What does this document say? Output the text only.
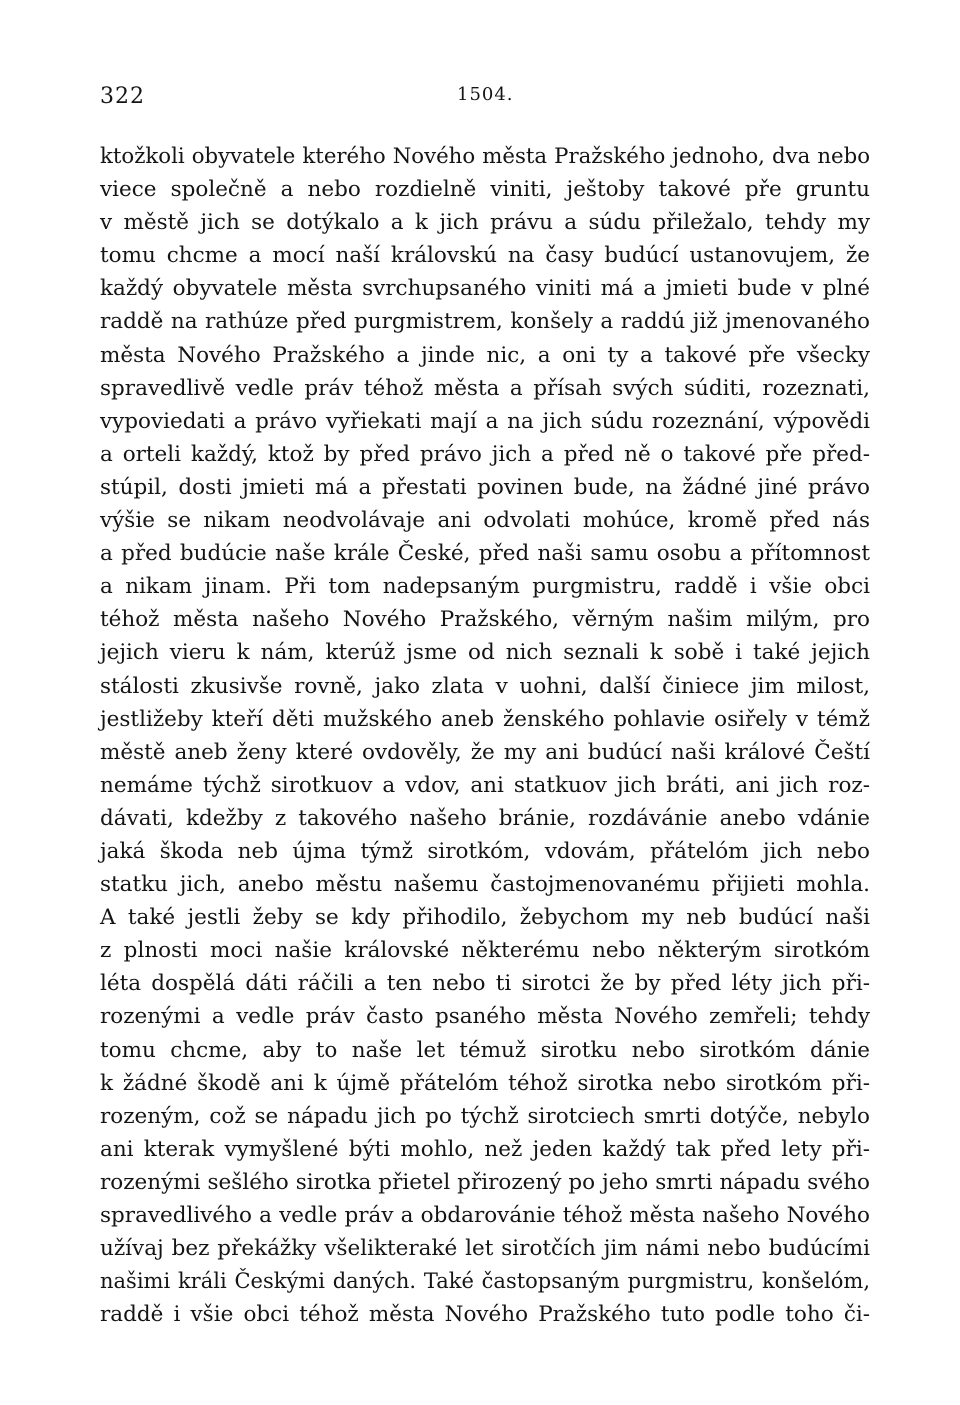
322	1504.
ktožkoli obyvatele kterého Nového města Pražského jednoho, dva nebo
viece společně a nebo rozdielně viniti, ještoby takové pře gruntu
v městě jich se dotýkalo a k jich právu a súdu přiležalo, tehdy my
tomu chcme a mocí naší královskú na časy budúcí ustanovujem, že
každý obyvatele města svrchupsaného viniti má a jmieti bude v plné
raddě na rathúze před purgmistrem, konšely a raddú již jmenovaného
města Nového Pražského a jinde nic, a oni ty a takové pře všecky
spravedlivě vedle práv téhož města a přísah svých súditi, rozeznati,
vypoviedati a právo vyřiekati mají a na jich súdu rozeznání, výpovědi
a orteli každý, ktož by před právo jich a před ně o takové pře před-
stúpil, dosti jmieti má a přestati povinen bude, na žádné jiné právo
výšie se nikam neodvolávaje ani odvolati mohúce, kromě před nás
a před budúcie naše krále České, před naši samu osobu a přítomnost
a nikam jinam. Při tom nadepsaným purgmistru, raddě i všie obci
téhož města našeho Nového Pražského, věrným našim milým, pro
jejich vieru k nám, kterúž jsme od nich seznali k sobě i také jejich
stálosti zkusivše rovně, jako zlata v uohni, další činiece jim milost,
jestližeby kteří děti mužského aneb ženského pohlavie osiřely v témž
městě aneb ženy které ovdověly, že my ani budúcí naši králové Čeští
nemáme týchž sirotkuov a vdov, ani statkuov jich bráti, ani jich roz-
dávati, kdežby z takového našeho bránie, rozdávánie anebo vdánie
jaká škoda neb újma týmž sirotkóm, vdovám, přátelóm jich nebo
statku jich, anebo městu našemu častojmenovanému přijieti mohla.
A také jestli žeby se kdy přihodilo, žebychom my neb budúcí naši
z plnosti moci našie královské některému nebo některým sirotkóm
léta dospělá dáti ráčili a ten nebo ti sirotci že by před léty jich při-
rozenými a vedle práv často psaného města Nového zemřeli; tehdy
tomu chcme, aby to naše let témuž sirotku nebo sirotkóm dánie
k žádné škodě ani k újmě přátelóm téhož sirotka nebo sirotkóm při-
rozeným, což se nápadu jich po týchž sirotciech smrti dotýče, nebylo
ani kterak vymyšlené býti mohlo, než jeden každý tak před lety při-
rozenými sešlého sirotka přietel přirozený po jeho smrti nápadu svého
spravedlivého a vedle práv a obdarovánie téhož města našeho Nového
užívaj bez překážky všelikteraké let sirotčích jim námi nebo budúcími
našimi králi Českými daných. Také častopsaným purgmistru, konšelóm,
raddě i všie obci téhož města Nového Pražského tuto podle toho či-
